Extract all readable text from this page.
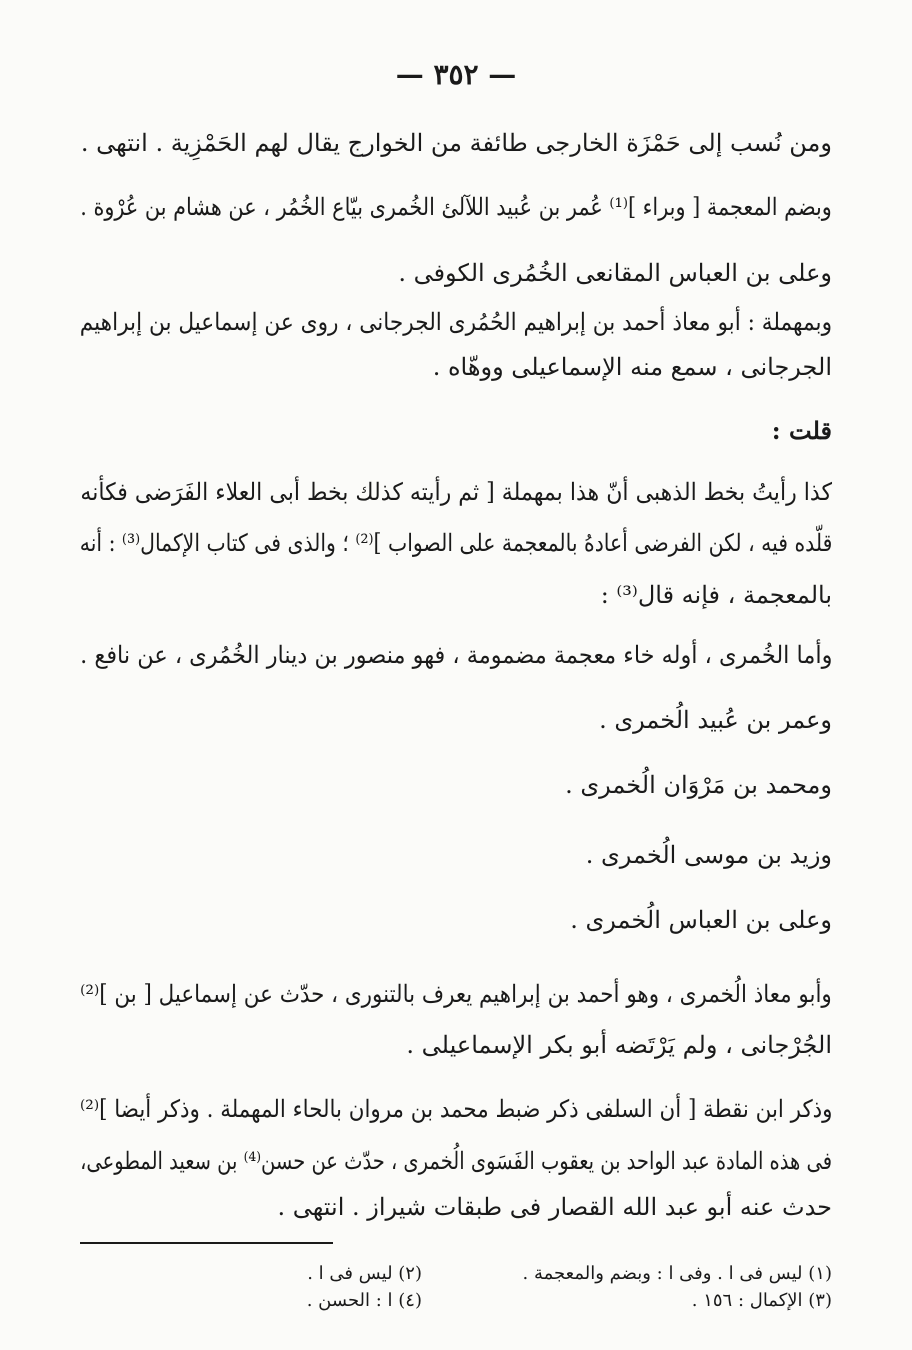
— ٣٥٢ —
ومن نُسب إلى حَمْزَة الخارجى طائفة من الخوارج يقال لهم الحَمْزِية . انتهى .
وبضم المعجمة [ وبراء ]⁽¹⁾ عُمر بن عُبيد اللآلئ الخُمرى بيّاع الخُمُر ، عن هشام بن عُرْوة .
وعلى بن العباس المقانعى الخُمُرى الكوفى .
وبمهملة : أبو معاذ أحمد بن إبراهيم الحُمُرى الجرجانى ، روى عن إسماعيل بن إبراهيم
الجرجانى ، سمع منه الإسماعيلى ووهّاه .
قلت :
كذا رأيتُ بخط الذهبى أنّ هذا بمهملة [ ثم رأيته كذلك بخط أبى العلاء الفَرَضى فكأنه
قلّده فيه ، لكن الفرضى أعادهُ بالمعجمة على الصواب ]⁽²⁾ ؛ والذى فى كتاب الإكمال⁽³⁾ : أنه
بالمعجمة ، فإنه قال⁽³⁾ :
وأما الخُمرى ، أوله خاء معجمة مضمومة ، فهو منصور بن دينار الخُمُرى ، عن نافع .
وعمر بن عُبيد الُخمرى .
ومحمد بن مَرْوَان الُخمرى .
وزيد بن موسى الُخمرى .
وعلى بن العباس الُخمرى .
وأبو معاذ الُخمرى ، وهو أحمد بن إبراهيم يعرف بالتنورى ، حدّث عن إسماعيل [ بن ]⁽²⁾
الجُرْجانى ، ولم يَرْتَضه أبو بكر الإسماعيلى .
وذكر ابن نقطة [ أن السلفى ذكر ضبط محمد بن مروان بالحاء المهملة . وذكر أيضا ]⁽²⁾
فى هذه المادة عبد الواحد بن يعقوب الفَسَوى الُخمرى ، حدّث عن حسن⁽⁴⁾ بن سعيد المطوعى،
حدث عنه أبو عبد الله القصار فى طبقات شيراز . انتهى .
(١) ليس فى ا . وفى ا : وبضم والمعجمة .
(٢) ليس فى ا .
(٣) الإكمال : ١٥٦ .
(٤) ا : الحسن .
